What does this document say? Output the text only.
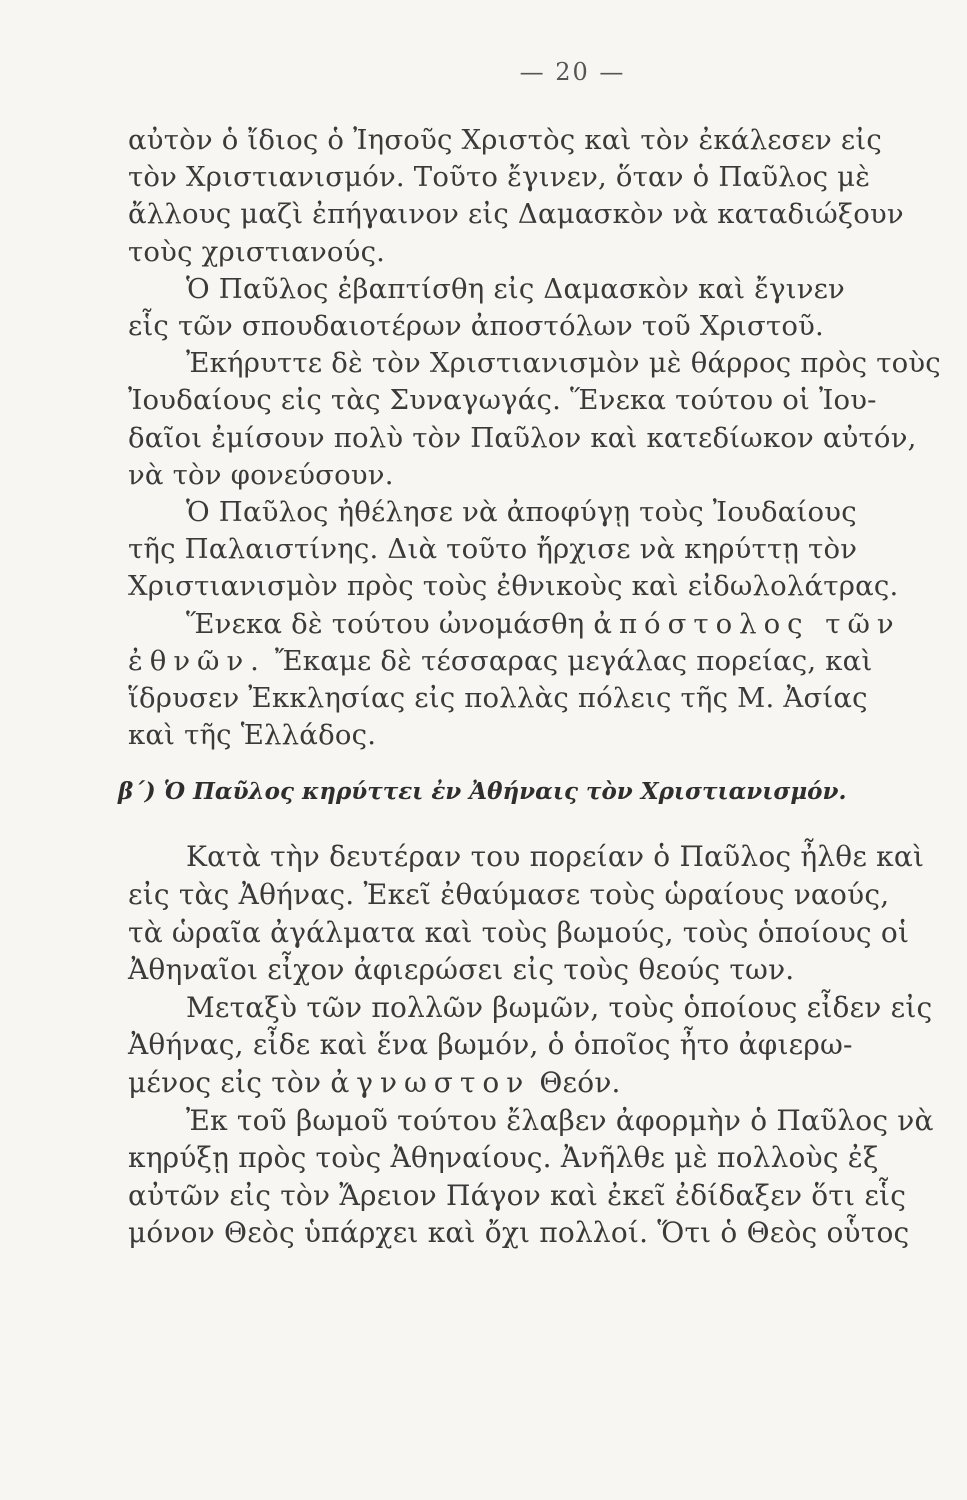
— 20 —
αὐτὸν ὁ ἴδιος ὁ Ἰησοῦς Χριστὸς καὶ τὸν ἐκάλεσεν εἰς
τὸν Χριστιανισμόν. Τοῦτο ἔγινεν, ὅταν ὁ Παῦλος μὲ
ἄλλους μαζὶ ἐπήγαινον εἰς Δαμασκὸν νὰ καταδιώξουν
τοὺς χριστιανούς.
Ὁ Παῦλος ἐβαπτίσθη εἰς Δαμασκὸν καὶ ἔγινεν
εἷς τῶν σπουδαιοτέρων ἀποστόλων τοῦ Χριστοῦ.
Ἐκήρυττε δὲ τὸν Χριστιανισμὸν μὲ θάρρος πρὸς τοὺς
Ἰουδαίους εἰς τὰς Συναγωγάς. Ἕνεκα τούτου οἱ Ἰου-
δαῖοι ἐμίσουν πολὺ τὸν Παῦλον καὶ κατεδίωκον αὐτόν,
νὰ τὸν φονεύσουν.
Ὁ Παῦλος ἠθέλησε νὰ ἀποφύγῃ τοὺς Ἰουδαίους
τῆς Παλαιστίνης. Διὰ τοῦτο ἤρχισε νὰ κηρύττῃ τὸν
Χριστιανισμὸν πρὸς τοὺς ἐθνικοὺς καὶ εἰδωλολάτρας.
Ἕνεκα δὲ τούτου ὠνομάσθη ἀπόστολος τῶν
ἐθνῶν. Ἔκαμε δὲ τέσσαρας μεγάλας πορείας, καὶ
ἵδρυσεν Ἐκκλησίας εἰς πολλὰς πόλεις τῆς Μ. Ἀσίας
καὶ τῆς Ἑλλάδος.
β΄) Ὁ Παῦλος κηρύττει ἐν Ἀθήναις τὸν Χριστιανισμόν.
Κατὰ τὴν δευτέραν του πορείαν ὁ Παῦλος ἦλθε καὶ
εἰς τὰς Ἀθήνας. Ἐκεῖ ἐθαύμασε τοὺς ὡραίους ναούς,
τὰ ὡραῖα ἀγάλματα καὶ τοὺς βωμούς, τοὺς ὁποίους οἱ
Ἀθηναῖοι εἶχον ἀφιερώσει εἰς τοὺς θεούς των.
Μεταξὺ τῶν πολλῶν βωμῶν, τοὺς ὁποίους εἶδεν εἰς
Ἀθήνας, εἶδε καὶ ἕνα βωμόν, ὁ ὁποῖος ἦτο ἀφιερω-
μένος εἰς τὸν ἀγνωστον Θεόν.
Ἐκ τοῦ βωμοῦ τούτου ἔλαβεν ἀφορμὴν ὁ Παῦλος νὰ
κηρύξῃ πρὸς τοὺς Ἀθηναίους. Ἀνῆλθε μὲ πολλοὺς ἐξ
αὐτῶν εἰς τὸν Ἄρειον Πάγον καὶ ἐκεῖ ἐδίδαξεν ὅτι εἷς
μόνον Θεὸς ὑπάρχει καὶ ὄχι πολλοί. Ὅτι ὁ Θεὸς οὗτος
